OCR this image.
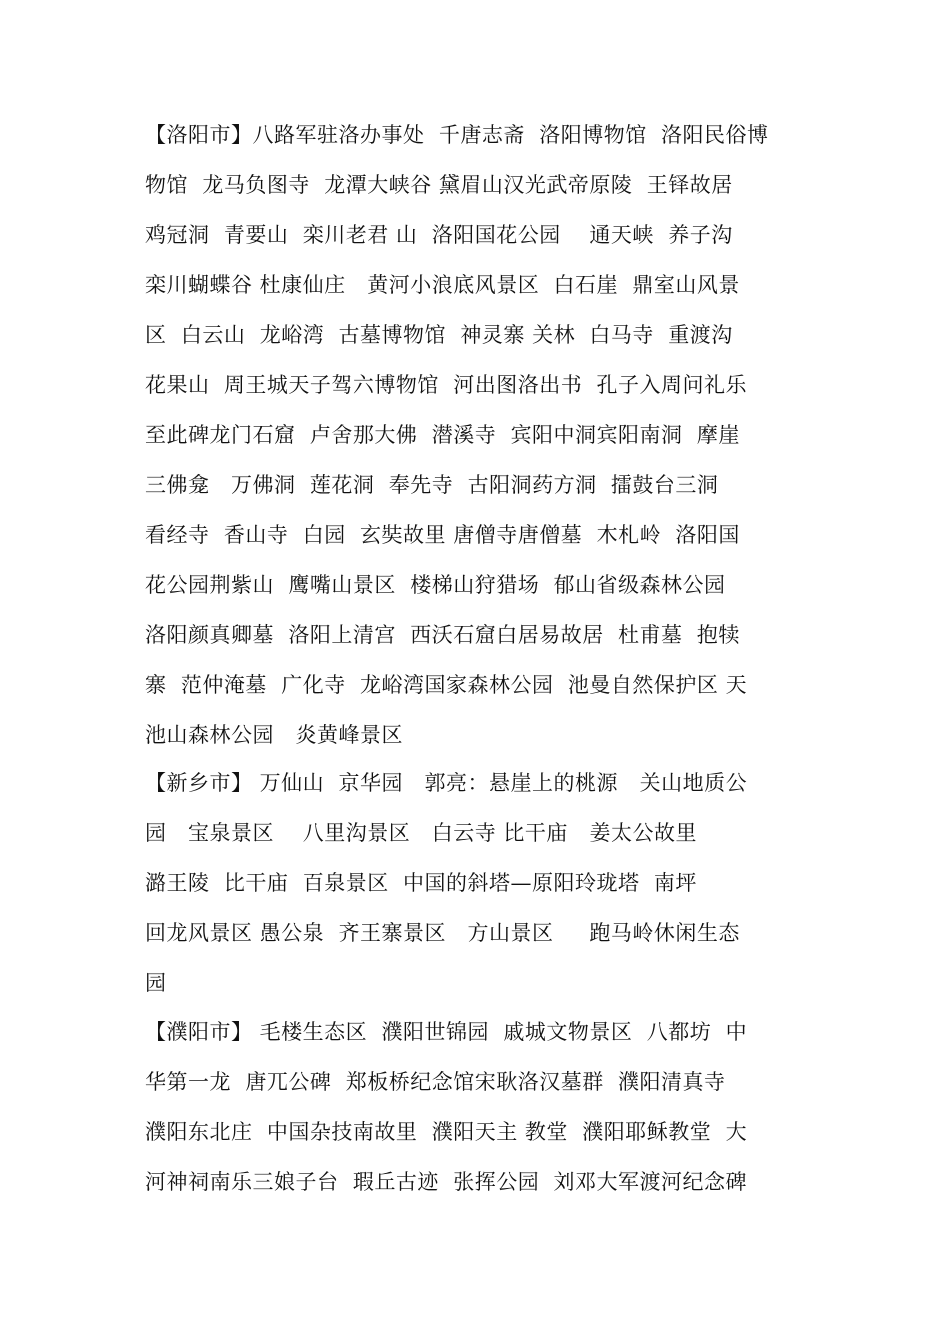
【洛阳市】八路军驻洛办事处  千唐志斋  洛阳博物馆  洛阳民俗博
物馆  龙马负图寺  龙潭大峡谷 黛眉山汉光武帝原陵  王铎故居
鸡冠洞  青要山  栾川老君 山  洛阳国花公园    通天峡  养子沟
栾川蝴蝶谷 杜康仙庄   黄河小浪底风景区  白石崖  鼎室山风景
区  白云山  龙峪湾  古墓博物馆  神灵寨 关林  白马寺  重渡沟
花果山  周王城天子驾六博物馆  河出图洛出书  孔子入周问礼乐
至此碑龙门石窟  卢舍那大佛  潜溪寺  宾阳中洞宾阳南洞  摩崖
三佛龛   万佛洞  莲花洞  奉先寺  古阳洞药方洞  擂鼓台三洞
看经寺  香山寺  白园  玄奘故里 唐僧寺唐僧墓  木札岭  洛阳国
花公园荆紫山  鹰嘴山景区  楼梯山狩猎场  郁山省级森林公园
洛阳颜真卿墓  洛阳上清宫  西沃石窟白居易故居  杜甫墓  抱犊
寨  范仲淹墓  广化寺  龙峪湾国家森林公园  池曼自然保护区 天
池山森林公园   炎黄峰景区
【新乡市】 万仙山  京华园   郭亮：悬崖上的桃源   关山地质公
园   宝泉景区    八里沟景区   白云寺 比干庙   姜太公故里
潞王陵  比干庙  百泉景区  中国的斜塔—原阳玲珑塔  南坪
回龙风景区 愚公泉  齐王寨景区   方山景区     跑马岭休闲生态
园
【濮阳市】 毛楼生态区  濮阳世锦园  戚城文物景区  八都坊  中
华第一龙  唐兀公碑  郑板桥纪念馆宋耿洛汉墓群  濮阳清真寺
濮阳东北庄  中国杂技南故里  濮阳天主 教堂  濮阳耶稣教堂  大
河神祠南乐三娘子台  瑕丘古迹  张挥公园  刘邓大军渡河纪念碑
